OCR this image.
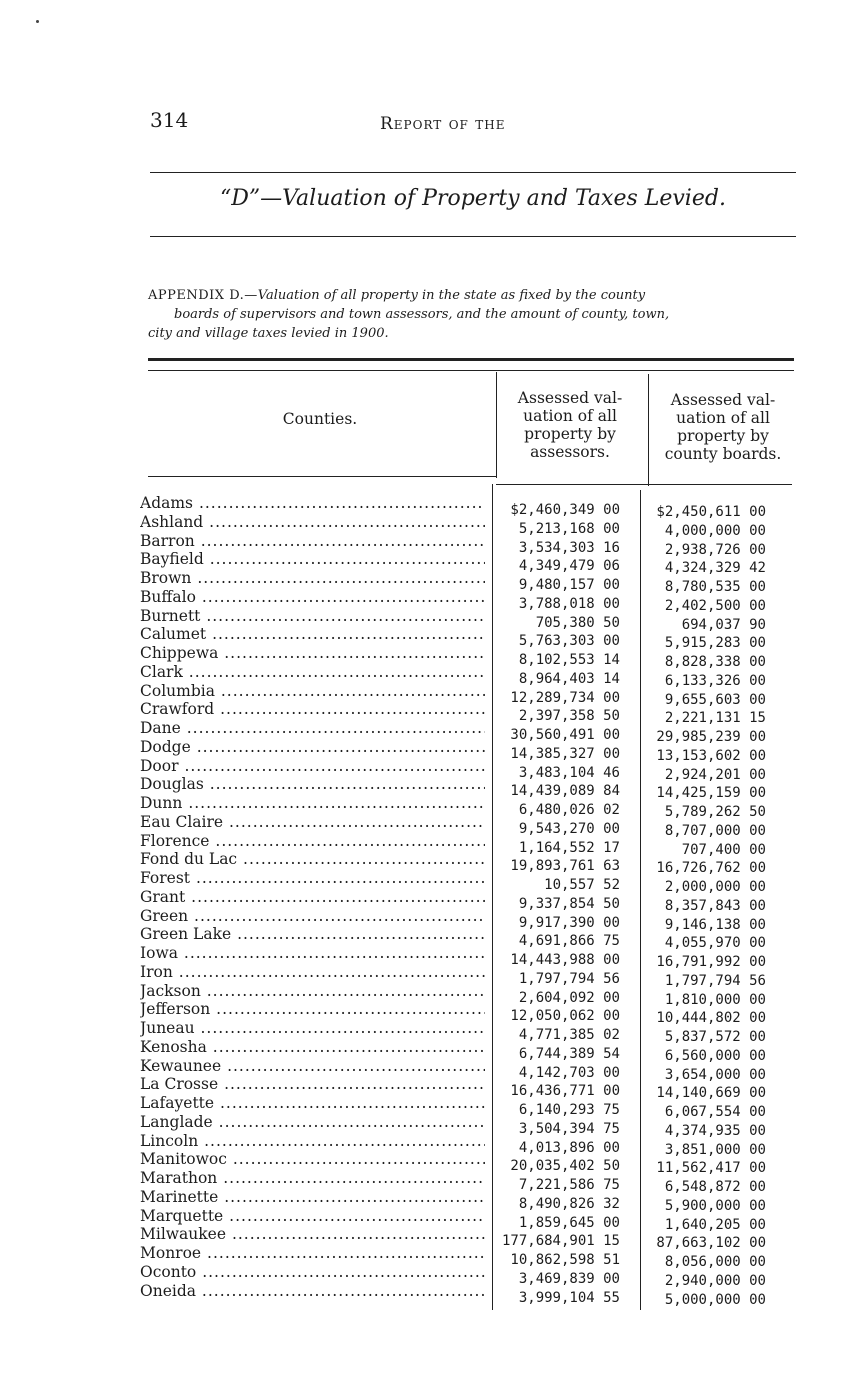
314	Report of the
“D”—Valuation of Property and Taxes Levied.
APPENDIX D.—Valuation of all property in the state as fixed by the county
boards of supervisors and town assessors, and the amount of county, town,
city and village taxes levied in 1900.
Counties.
Assessed val-
uation of all
property by
assessors.
Assessed val-
uation of all
property by
county boards.
Adams .....	$2,460,349 00	$2,450,611 00
Ashland .....	5,213,168 00	4,000,000 00
Barron .....	3,534,303 16	2,938,726 00
Bayfield .....	4,349,479 06	4,324,329 42
Brown .....	9,480,157 00	8,780,535 00
Buffalo .....	3,788,018 00	2,402,500 00
Burnett .....	705,380 50	694,037 90
Calumet .....	5,763,303 00	5,915,283 00
Chippewa .....	8,102,553 14	8,828,338 00
Clark .....	8,964,403 14	6,133,326 00
Columbia .....	12,289,734 00	9,655,603 00
Crawford .....	2,397,358 50	2,221,131 15
Dane .....	30,560,491 00	29,985,239 00
Dodge .....	14,385,327 00	13,153,602 00
Door .....	3,483,104 46	2,924,201 00
Douglas .....	14,439,089 84	14,425,159 00
Dunn .....	6,480,026 02	5,789,262 50
Eau Claire .....	9,543,270 00	8,707,000 00
Florence .....	1,164,552 17	707,400 00
Fond du Lac .....	19,893,761 63	16,726,762 00
Forest .....	10,557 52	2,000,000 00
Grant .....	9,337,854 50	8,357,843 00
Green .....	9,917,390 00	9,146,138 00
Green Lake .....	4,691,866 75	4,055,970 00
Iowa .....	14,443,988 00	16,791,992 00
Iron .....	1,797,794 56	1,797,794 56
Jackson .....	2,604,092 00	1,810,000 00
Jefferson .....	12,050,062 00	10,444,802 00
Juneau .....	4,771,385 02	5,837,572 00
Kenosha .....	6,744,389 54	6,560,000 00
Kewaunee .....	4,142,703 00	3,654,000 00
La Crosse .....	16,436,771 00	14,140,669 00
Lafayette .....	6,140,293 75	6,067,554 00
Langlade .....	3,504,394 75	4,374,935 00
Lincoln .....	4,013,896 00	3,851,000 00
Manitowoc .....	20,035,402 50	11,562,417 00
Marathon .....	7,221,586 75	6,548,872 00
Marinette .....	8,490,826 32	5,900,000 00
Marquette .....	1,859,645 00	1,640,205 00
Milwaukee .....	177,684,901 15	87,663,102 00
Monroe .....	10,862,598 51	8,056,000 00
Oconto .....	3,469,839 00	2,940,000 00
Oneida .....	3,999,104 55	5,000,000 00
